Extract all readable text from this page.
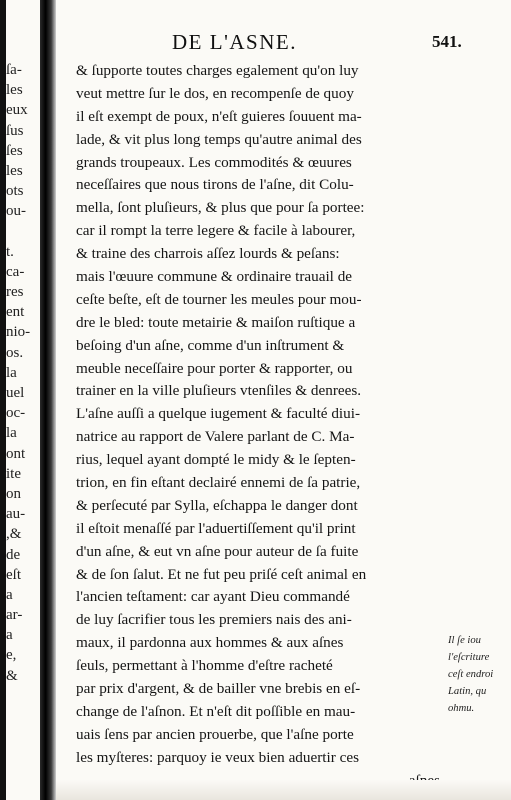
ſa-
les
eux
ſus
ſes
les
ots
ou-
t.
ca-
res
ent
nio-
os.
la
uel
oc-
la
ont
ite
on
au-
,&
de
eſt
a
ar-
a
e,
&
DE L'ASNE.	541.
& ſupporte toutes charges egalement qu'on luy
veut mettre ſur le dos, en recompenſe de quoy
il eſt exempt de poux, n'eſt guieres ſouuent ma-
lade, & vit plus long temps qu'autre animal des
grands troupeaux. Les commodités & œuures
neceſſaires que nous tirons de l'aſne, dit Colu-
mella, ſont pluſieurs, & plus que pour ſa portee:
car il rompt la terre legere & facile à labourer,
& traine des charrois aſſez lourds & peſans:
mais l'œuure commune & ordinaire trauail de
ceſte beſte, eſt de tourner les meules pour mou-
dre le bled: toute metairie & maiſon ruſtique a
beſoing d'un aſne, comme d'un inſtrument &
meuble neceſſaire pour porter & rapporter, ou
trainer en la ville pluſieurs vtenſiles & denrees.
L'aſne auſſi a quelque iugement & faculté diui-
natrice au rapport de Valere parlant de C. Ma-
rius, lequel ayant dompté le midy & le ſepten-
trion, en fin eſtant declairé ennemi de ſa patrie,
& perſecuté par Sylla, eſchappa le danger dont
il eſtoit menaſſé par l'aduertiſſement qu'il print
d'un aſne, & eut vn aſne pour auteur de ſa fuite
& de ſon ſalut. Et ne fut peu priſé ceſt animal en
l'ancien teſtament: car ayant Dieu commandé
de luy ſacrifier tous les premiers nais des ani-
maux, il pardonna aux hommes & aux aſnes
ſeuls, permettant à l'homme d'eſtre racheté
par prix d'argent, & de bailler vne brebis en eſ-
change de l'aſnon. Et n'eſt dit poſſible en mau-
uais ſens par ancien prouerbe, que l'aſne porte
les myſteres: parquoy ie veux bien aduertir ces
Il ſe iou
l'eſcriture
ceſt endroi
Latin, qu
ohmu.
